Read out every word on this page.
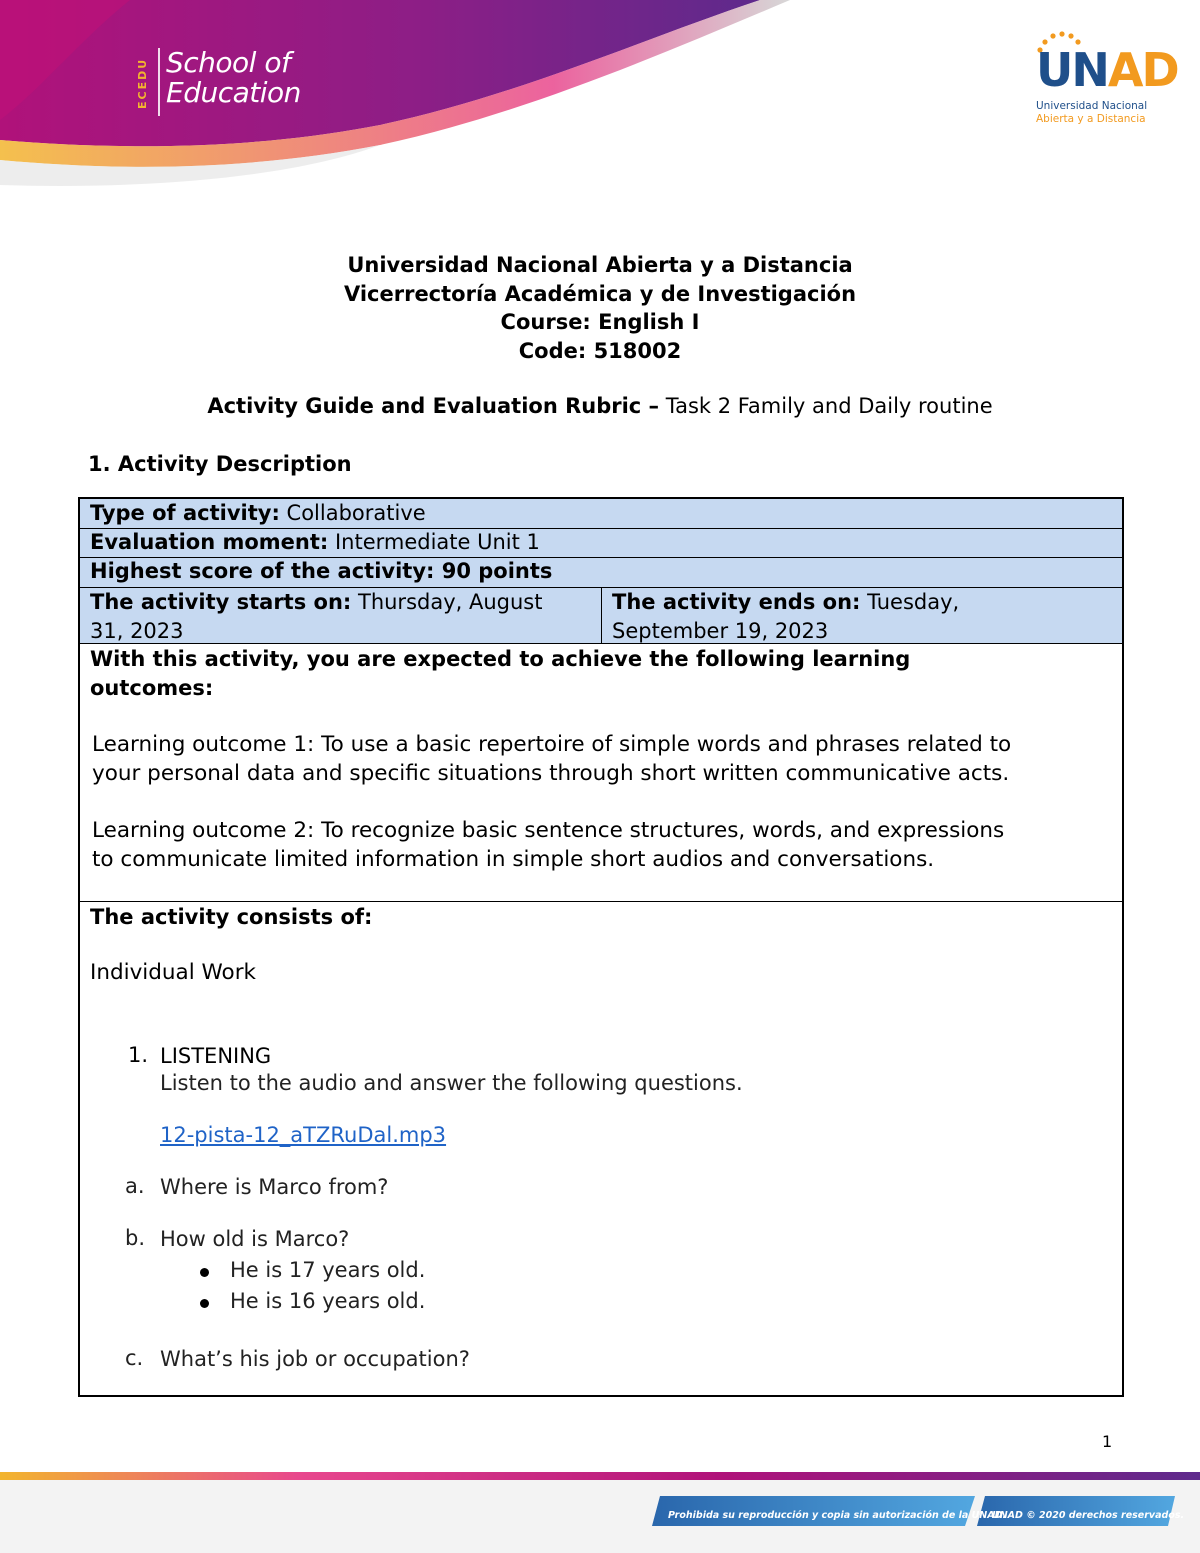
ECEDU School of
Education	UNAD
Universidad Nacional
Abierta y a Distancia
Universidad Nacional Abierta y a Distancia
Vicerrectoría Académica y de Investigación
Course: English I
Code: 518002
Activity Guide and Evaluation Rubric – Task 2 Family and Daily routine
1. Activity Description
Type of activity: Collaborative
Evaluation moment: Intermediate Unit 1
Highest score of the activity: 90 points
The activity starts on: Thursday, August
31, 2023
The activity ends on: Tuesday,
September 19, 2023
With this activity, you are expected to achieve the following learning
outcomes:
Learning outcome 1: To use a basic repertoire of simple words and phrases related to
your personal data and specific situations through short written communicative acts.
Learning outcome 2: To recognize basic sentence structures, words, and expressions
to communicate limited information in simple short audios and conversations.
The activity consists of:
Individual Work
1. LISTENING
Listen to the audio and answer the following questions.
12-pista-12_aTZRuDal.mp3
a. Where is Marco from?
b. How old is Marco?
He is 17 years old.
He is 16 years old.
c. What’s his job or occupation?
1
Prohibida su reproducción y copia sin autorización de la UNAD.
UNAD © 2020 derechos reservados.
